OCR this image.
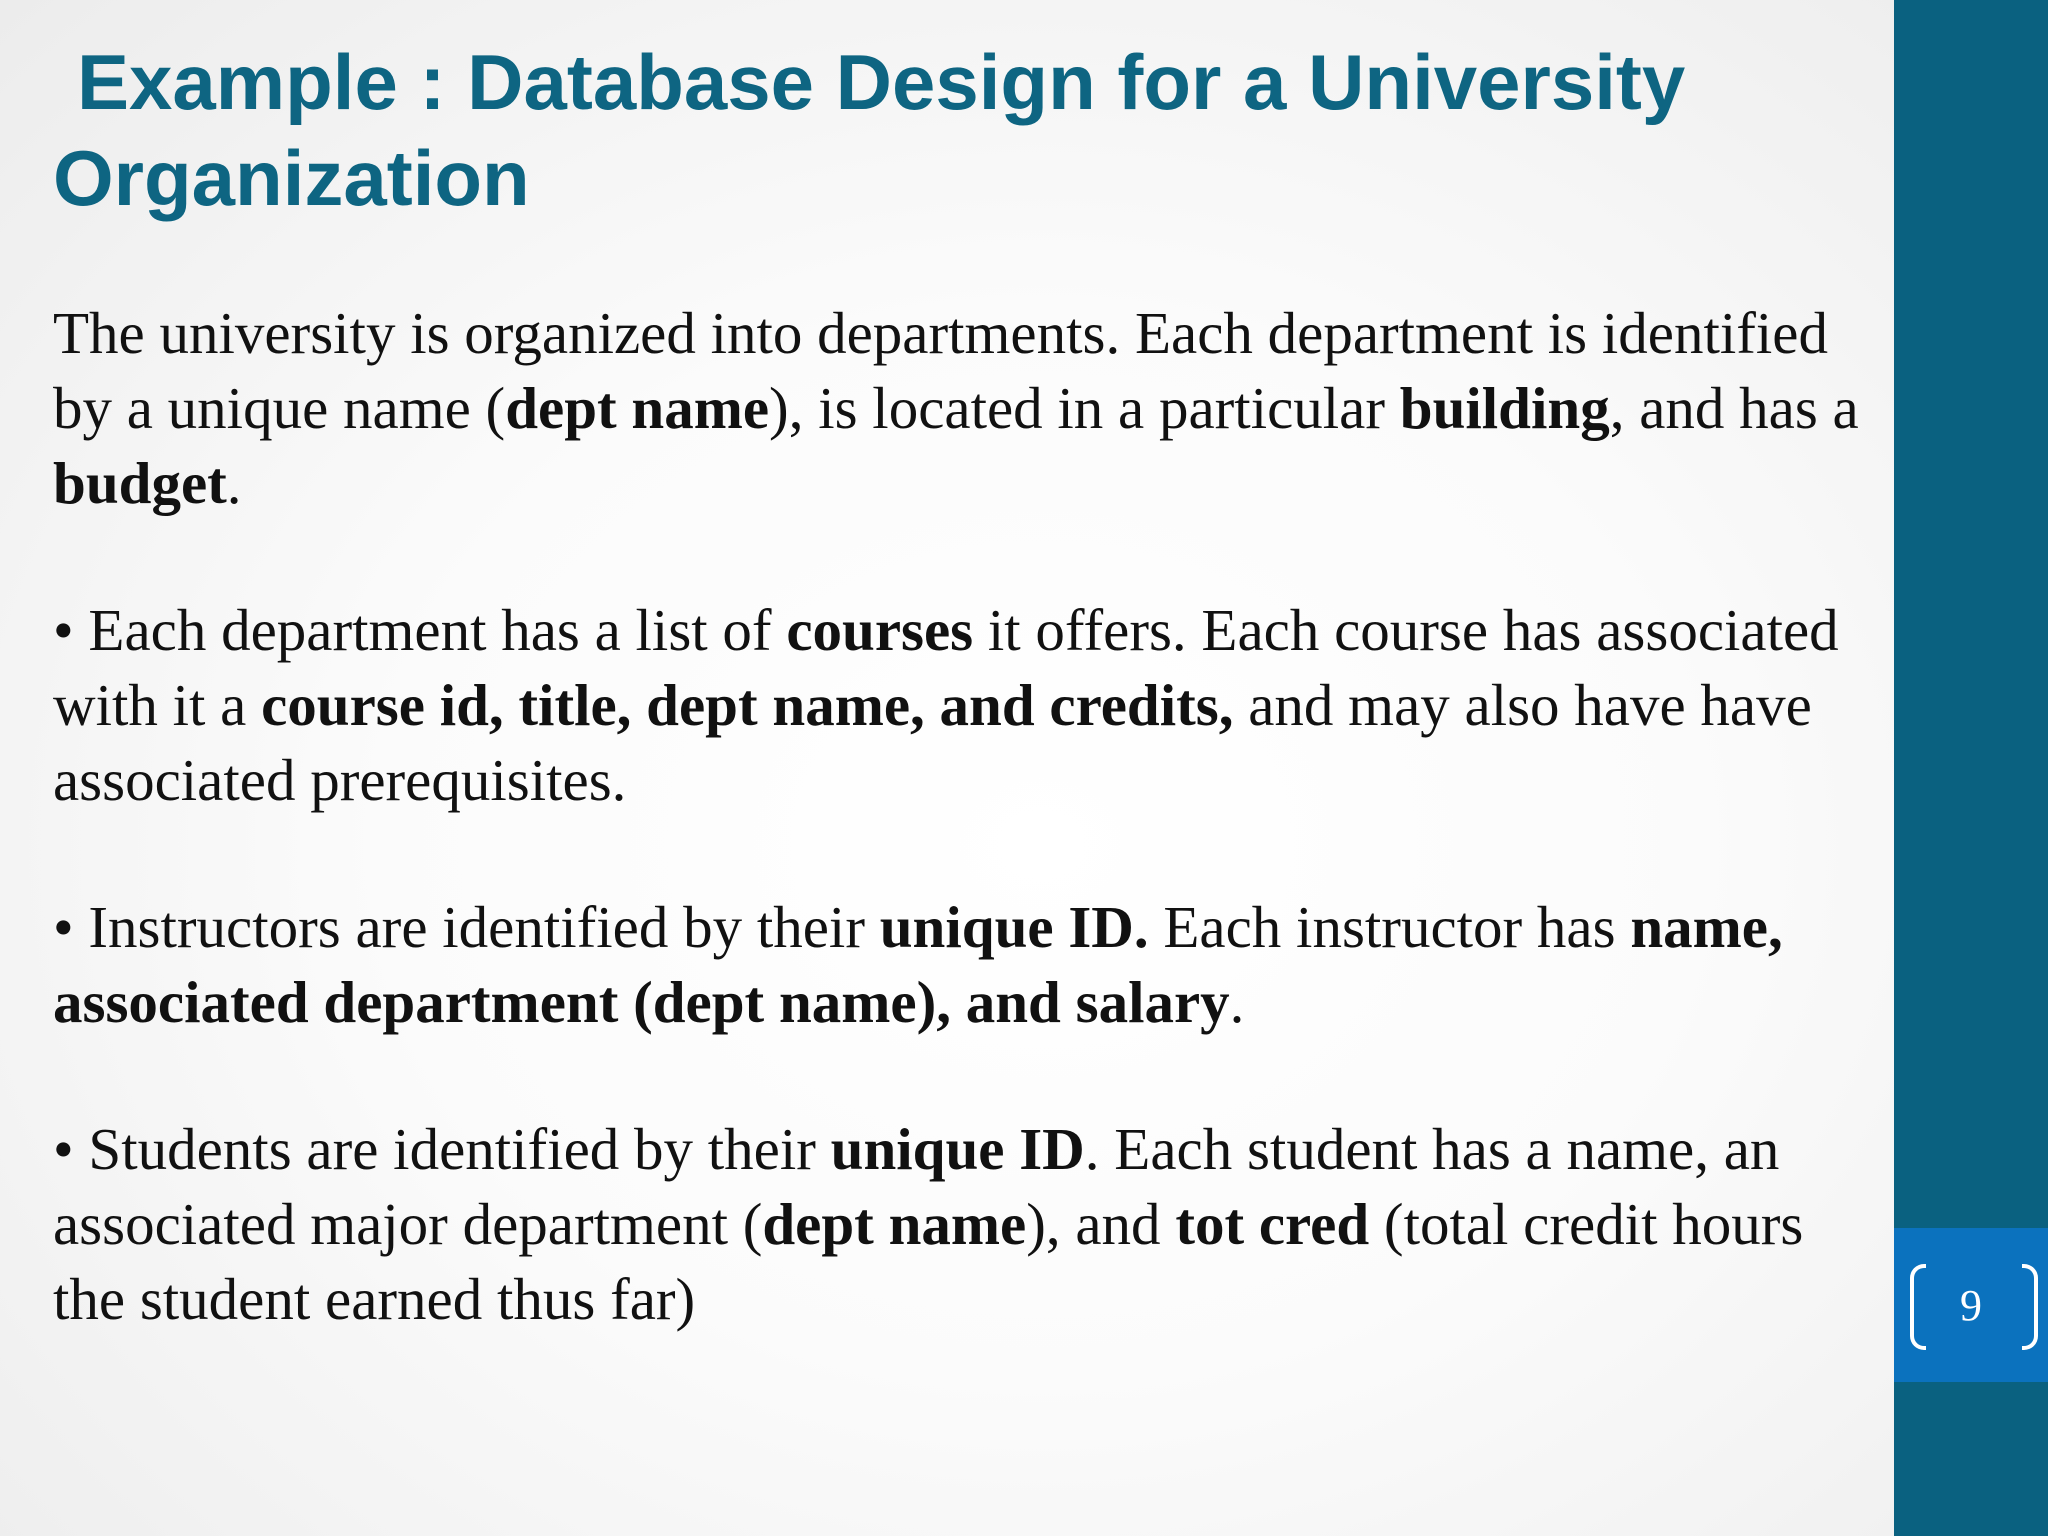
Example : Database Design for a University
Organization

The university is organized into departments. Each department is identified by a unique name (dept name), is located in a particular building, and has a budget.

• Each department has a list of courses it offers. Each course has associated with it a course id, title, dept name, and credits, and may also have have associated prerequisites.

• Instructors are identified by their unique ID. Each instructor has name, associated department (dept name), and salary.

• Students are identified by their unique ID. Each student has a name, an associated major department (dept name), and tot cred (total credit hours the student earned thus far)	9
